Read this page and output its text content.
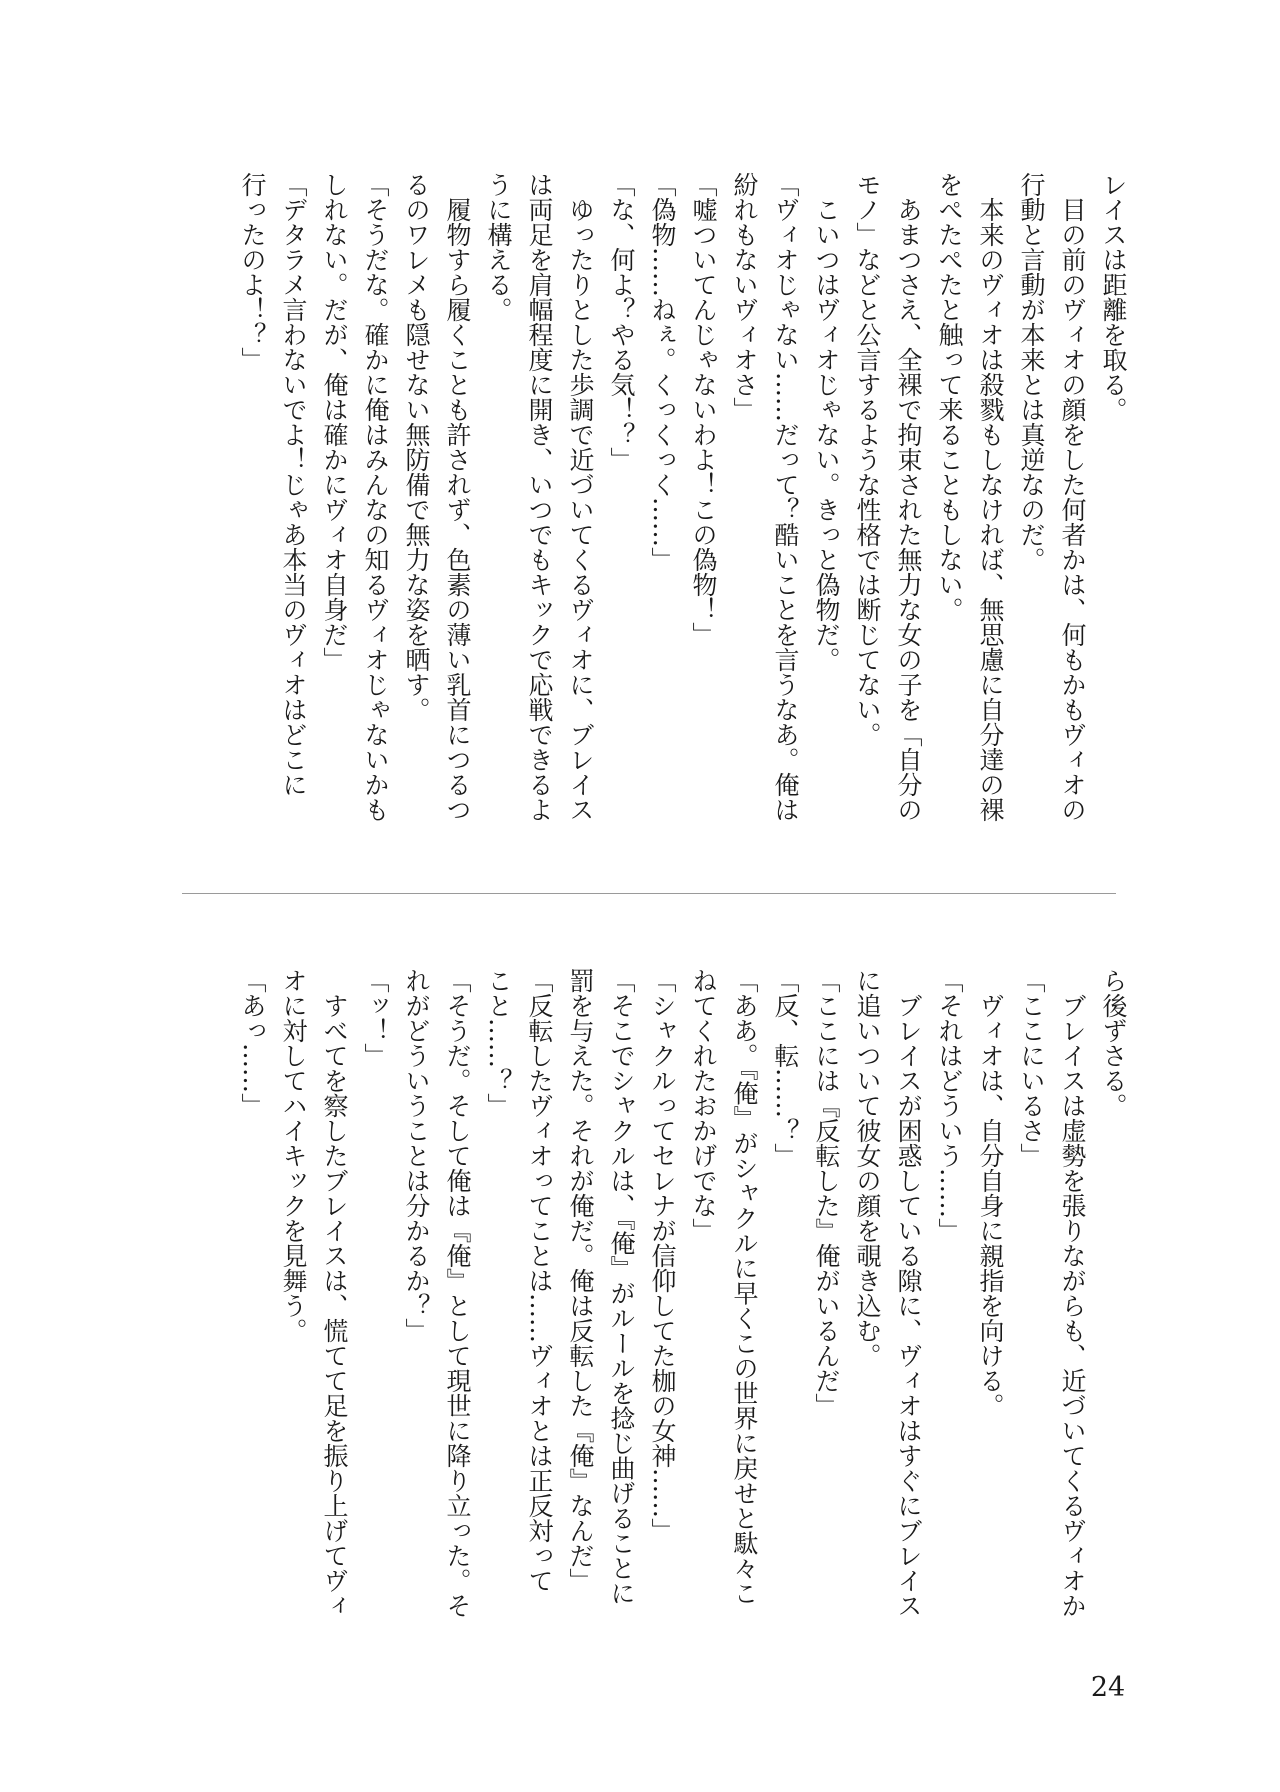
レイスは距離を取る。
　目の前のヴィオの顔をした何者かは、何もかもヴィオの
行動と言動が本来とは真逆なのだ。
　本来のヴィオは殺戮もしなければ、無思慮に自分達の裸
をぺたぺたと触って来ることもしない。
　あまつさえ、全裸で拘束された無力な女の子を「自分の
モノ」などと公言するような性格では断じてない。
　こいつはヴィオじゃない。きっと偽物だ。
「ヴィオじゃない……だって？酷いことを言うなあ。俺は
紛れもないヴィオさ」
「嘘ついてんじゃないわよ！この偽物！」
「偽物……ねぇ。くっくっく……」
「な、何よ？やる気！？」
　ゆったりとした歩調で近づいてくるヴィオに、ブレイス
は両足を肩幅程度に開き、いつでもキックで応戦できるよ
うに構える。
　履物すら履くことも許されず、色素の薄い乳首につるつ
るのワレメも隠せない無防備で無力な姿を晒す。
「そうだな。確かに俺はみんなの知るヴィオじゃないかも
しれない。だが、俺は確かにヴィオ自身だ」
「デタラメ言わないでよ！じゃあ本当のヴィオはどこに
行ったのよ！？」
ら後ずさる。
　ブレイスは虚勢を張りながらも、近づいてくるヴィオか
「ここにいるさ」
　ヴィオは、自分自身に親指を向ける。
「それはどういう……」
　ブレイスが困惑している隙に、ヴィオはすぐにブレイス
に追いついて彼女の顔を覗き込む。
「ここには『反転した』俺がいるんだ」
「反、転……？」
「ああ。『俺』がシャクルに早くこの世界に戻せと駄々こ
ねてくれたおかげでな」
「シャクルってセレナが信仰してた枷の女神……」
「そこでシャクルは、『俺』がルールを捻じ曲げることに
罰を与えた。それが俺だ。俺は反転した『俺』なんだ」
「反転したヴィオってことは……ヴィオとは正反対って
こと……？」
「そうだ。そして俺は『俺』として現世に降り立った。そ
れがどういうことは分かるか？」
「ッ！」
　すべてを察したブレイスは、慌てて足を振り上げてヴィ
オに対してハイキックを見舞う。
「あっ……」
24
